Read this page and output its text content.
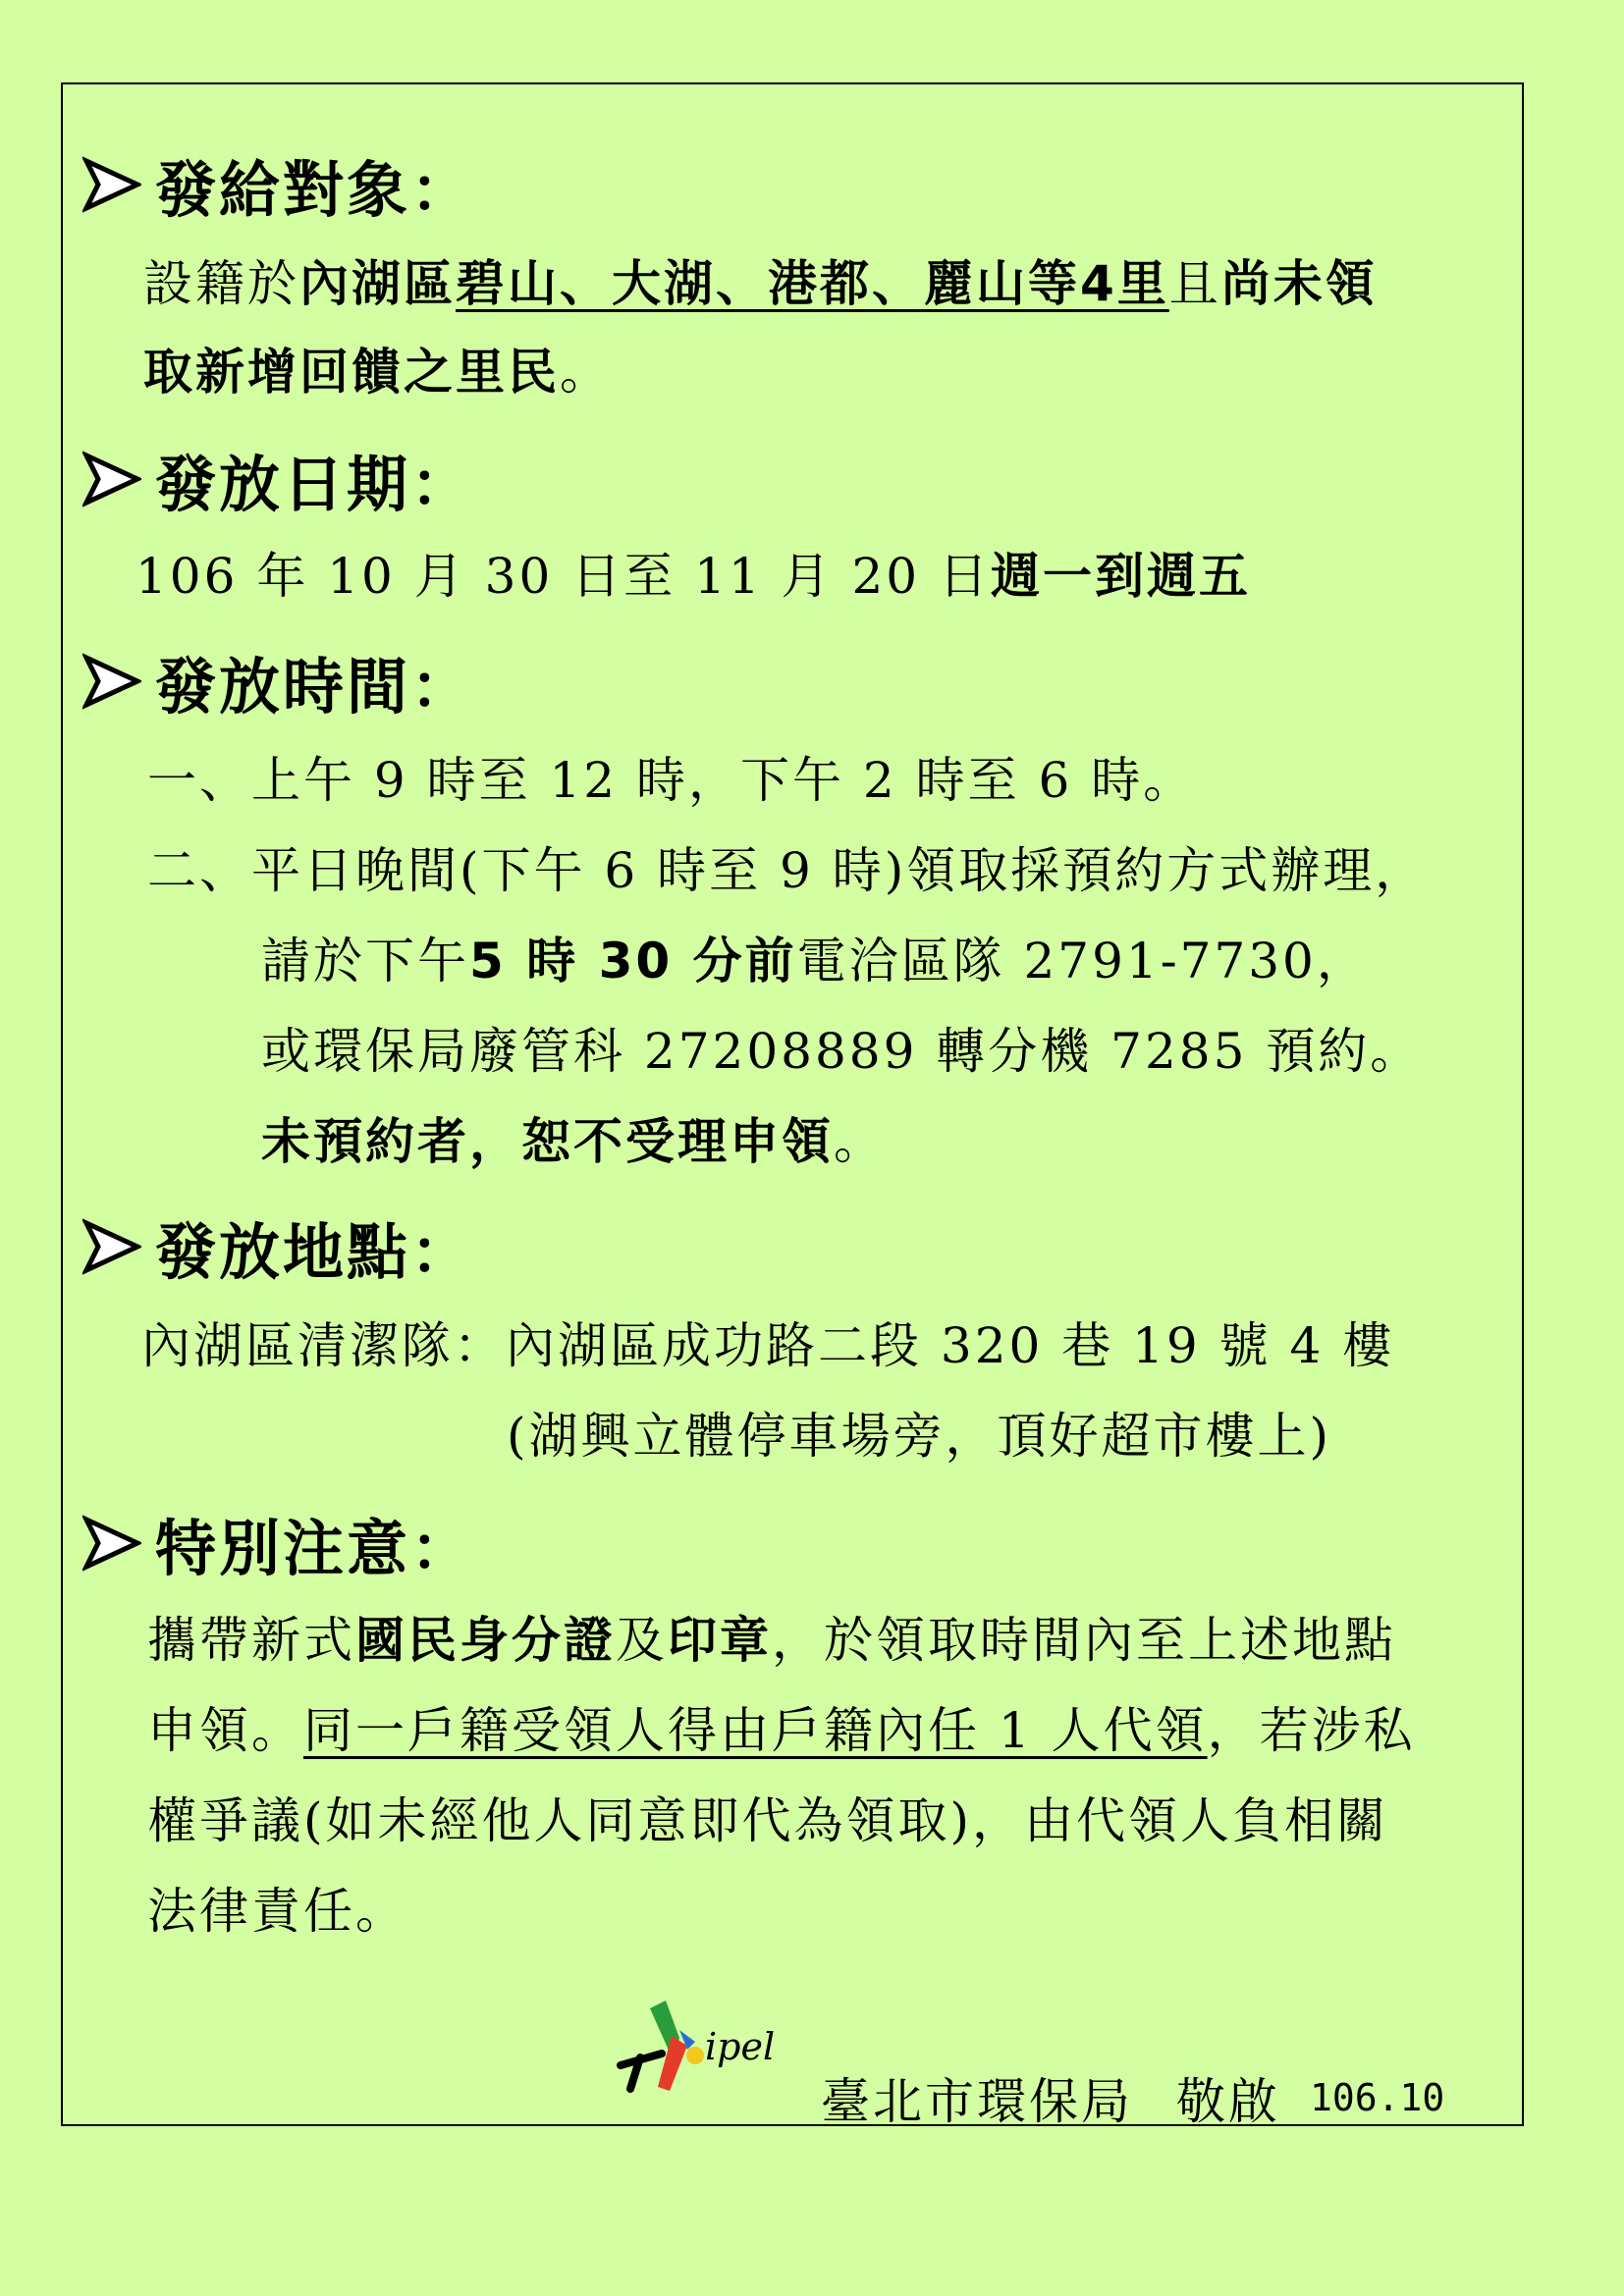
發給對象：
設籍於 內湖區 碧山、大湖、港都、麗山等4里 且 尚未領
取新增回饋之里民 。
發放日期：
106 年 10 月 30 日至 11 月 20 日 週一到週五
發放時間：
一、上午 9 時至 12 時，下午 2 時至 6 時。
二、平日晚間(下午 6 時至 9 時)領取採預約方式辦理，
請於下午 5 時 30 分前 電洽區隊 2791-7730，
或環保局廢管科 27208889 轉分機 7285 預約。
未預約者，恕不受理申領 。
發放地點：
內湖區清潔隊：內湖區成功路二段 320 巷 19 號 4 樓
(湖興立體停車場旁，頂好超市樓上)
特別注意：
攜帶新式 國民身分證 及 印章 ，於領取時間內至上述地點
申領。 同一戶籍受領人得由戶籍內任 1 人代領 ，若涉私
權爭議(如未經他人同意即代為領取)，由代領人負相關
法律責任。
ipel
臺北市環保局 敬啟 106.10
